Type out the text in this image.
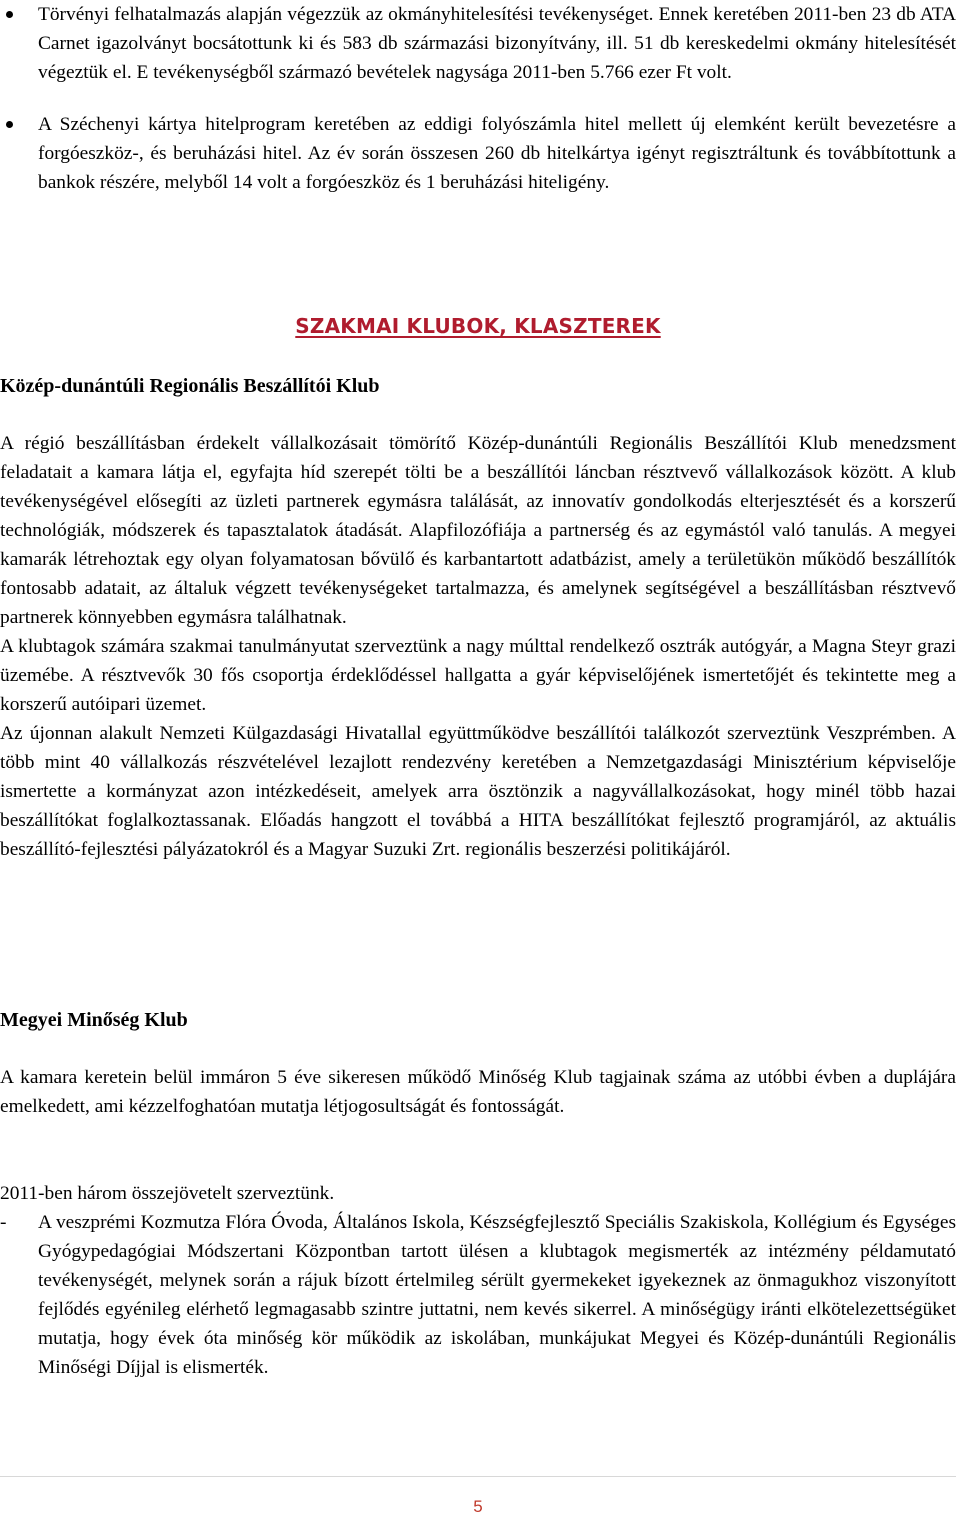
Törvényi felhatalmazás alapján végezzük az okmányhitelesítési tevékenységet. Ennek keretében 2011-ben 23 db ATA Carnet igazolványt bocsátottunk ki és 583 db származási bizonyítvány, ill. 51 db kereskedelmi okmány hitelesítését végeztük el. E tevékenységből származó bevételek nagysága 2011-ben 5.766 ezer Ft volt.

A Széchenyi kártya hitelprogram keretében az eddigi folyószámla hitel mellett új elemként került bevezetésre a forgóeszköz-, és beruházási hitel. Az év során összesen 260 db hitelkártya igényt regisztráltunk és továbbítottunk a bankok részére, melyből 14 volt a forgóeszköz és 1 beruházási hiteligény.

SZAKMAI KLUBOK, KLASZTEREK
Közép-dunántúli Regionális Beszállítói Klub

A régió beszállításban érdekelt vállalkozásait tömörítő Közép-dunántúli Regionális Beszállítói Klub menedzsment feladatait a kamara látja el, egyfajta híd szerepét tölti be a beszállítói láncban résztvevő vállalkozások között. A klub tevékenységével elősegíti az üzleti partnerek egymásra találását, az innovatív gondolkodás elterjesztését és a korszerű technológiák, módszerek és tapasztalatok átadását. Alapfilozófiája a partnerség és az egymástól való tanulás. A megyei kamarák létrehoztak egy olyan folyamatosan bővülő és karbantartott adatbázist, amely a területükön működő beszállítók fontosabb adatait, az általuk végzett tevékenységeket tartalmazza, és amelynek segítségével a beszállításban résztvevő partnerek könnyebben egymásra találhatnak.

A klubtagok számára szakmai tanulmányutat szerveztünk a nagy múlttal rendelkező osztrák autógyár, a Magna Steyr grazi üzemébe. A résztvevők 30 fős csoportja érdeklődéssel hallgatta a gyár képviselőjének ismertetőjét és tekintette meg a korszerű autóipari üzemet.

Az újonnan alakult Nemzeti Külgazdasági Hivatallal együttműködve beszállítói találkozót szerveztünk Veszprémben. A több mint 40 vállalkozás részvételével lezajlott rendezvény keretében a Nemzetgazdasági Minisztérium képviselője ismertette a kormányzat azon intézkedéseit, amelyek arra ösztönzik a nagyvállalkozásokat, hogy minél több hazai beszállítókat foglalkoztassanak. Előadás hangzott el továbbá a HITA beszállítókat fejlesztő programjáról, az aktuális beszállító-fejlesztési pályázatokról és a Magyar Suzuki Zrt. regionális beszerzési politikájáról.

Megyei Minőség Klub

A kamara keretein belül immáron 5 éve sikeresen működő Minőség Klub tagjainak száma az utóbbi évben a duplájára emelkedett, ami kézzelfoghatóan mutatja létjogosultságát és fontosságát.

2011-ben három összejövetelt szerveztünk.

- A veszprémi Kozmutza Flóra Óvoda, Általános Iskola, Készségfejlesztő Speciális Szakiskola, Kollégium és Egységes Gyógypedagógiai Módszertani Központban tartott ülésen a klubtagok megismerték az intézmény példamutató tevékenységét, melynek során a rájuk bízott értelmileg sérült gyermekeket igyekeznek az önmagukhoz viszonyított fejlődés egyénileg elérhető legmagasabb szintre juttatni, nem kevés sikerrel. A minőségügy iránti elkötelezettségüket mutatja, hogy évek óta minőség kör működik az iskolában, munkájukat Megyei és Közép-dunántúli Regionális Minőségi Díjjal is elismerték.

5
